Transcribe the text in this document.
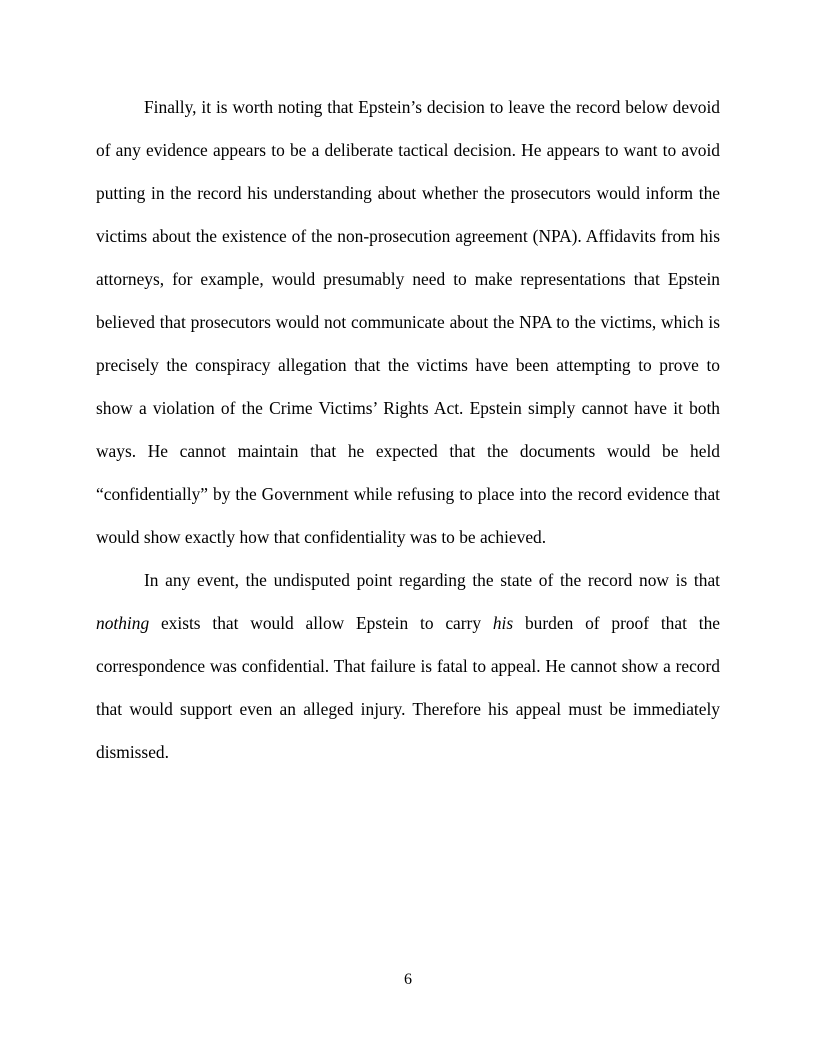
Finally, it is worth noting that Epstein’s decision to leave the record below devoid of any evidence appears to be a deliberate tactical decision. He appears to want to avoid putting in the record his understanding about whether the prosecutors would inform the victims about the existence of the non-prosecution agreement (NPA). Affidavits from his attorneys, for example, would presumably need to make representations that Epstein believed that prosecutors would not communicate about the NPA to the victims, which is precisely the conspiracy allegation that the victims have been attempting to prove to show a violation of the Crime Victims’ Rights Act. Epstein simply cannot have it both ways. He cannot maintain that he expected that the documents would be held “confidentially” by the Government while refusing to place into the record evidence that would show exactly how that confidentiality was to be achieved.

In any event, the undisputed point regarding the state of the record now is that nothing exists that would allow Epstein to carry his burden of proof that the correspondence was confidential. That failure is fatal to appeal. He cannot show a record that would support even an alleged injury. Therefore his appeal must be immediately dismissed.

6
